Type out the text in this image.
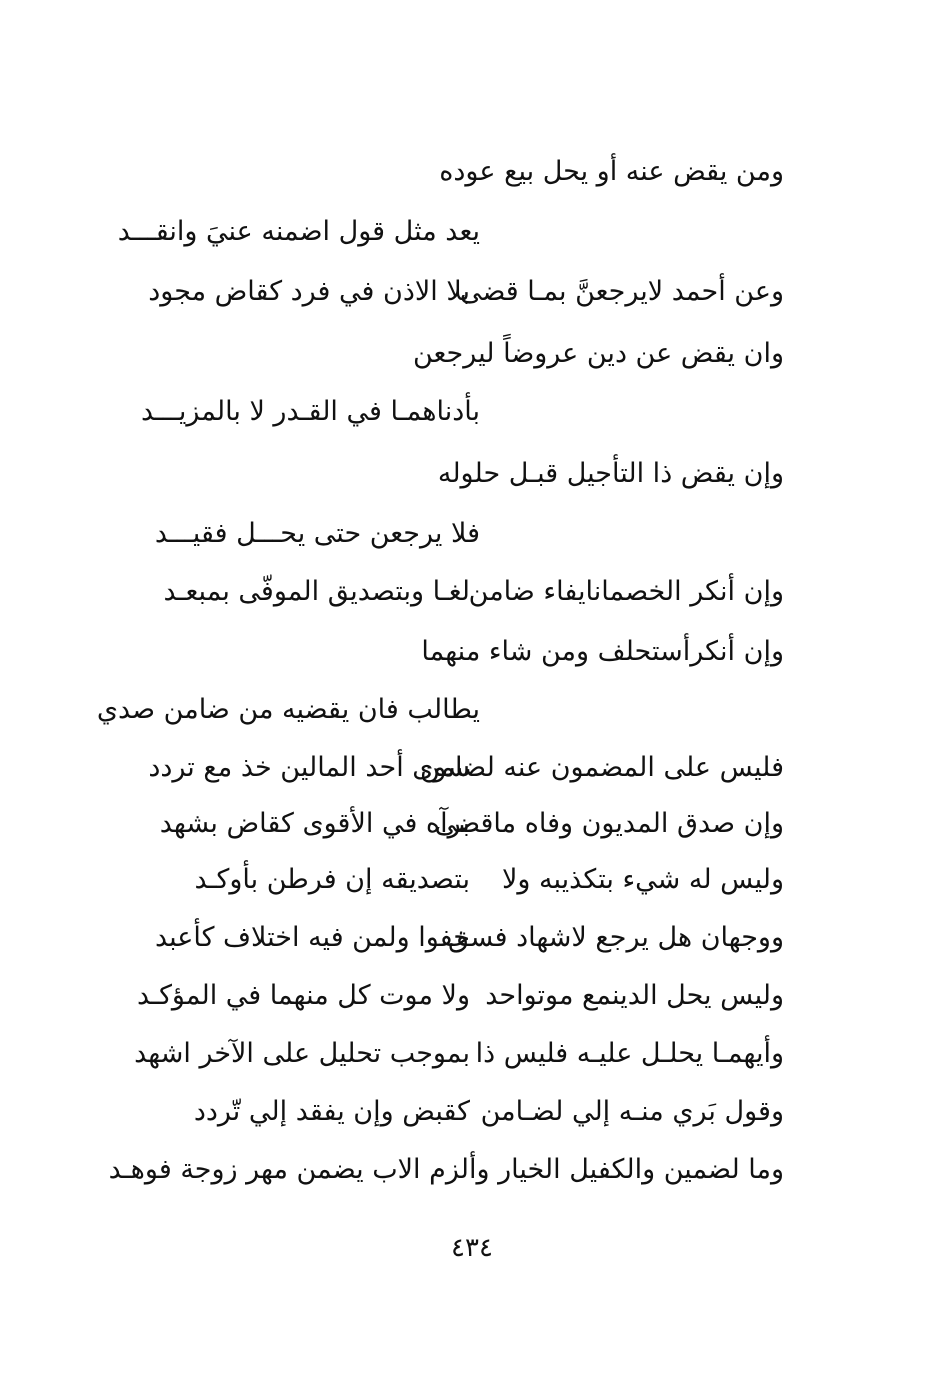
ومن يقض عنه أو يحل بيع عوده
يعد مثل قول اضمنه عنيَ وانقـــد
وعن أحمد لايرجعنَّ بمـا قضى
بلا الاذن في فرد كقاض مجود
وان يقض عن دين عروضاً ليرجعن
بأدناهمـا في القـدر لا بالمزيـــد
وإن يقض ذا التأجيل قبـل حلوله
فلا يرجعن حتى يحـــل فقيـــد
وإن أنكر الخصمانايفاء ضامن
لغـا وبتصديق الموفّى بمبعـد
وإن أنكرأستحلف ومن شاء منهما
يطالب فان يقضيه من ضامن صدي
فليس على المضمون عنه لضامن
سوى أحد المالين خذ مع تردد
وإن صدق المديون وفاه ماقضى
برآه في الأقوى كقاض بشهد
وليس له شيء بتكذيبه ولا
بتصديقه إن فرطن بأوكـد
ووجهان هل يرجع لاشهاد فسق
خفوا ولمن فيه اختلاف كأعبد
وليس يحل الدينمع موتواحد
ولا موت كل منهما في المؤكـد
وأيهمـا يحلـل عليـه فليس ذا
بموجب تحليل على الآخر اشهد
وقول بَري منـه إلي لضـامن
كقبض وإن يفقد إلي تّردد
وما لضمين والكفيل الخيار وألزم الاب يضمن مهر زوجة فوهـد
٤٣٤
